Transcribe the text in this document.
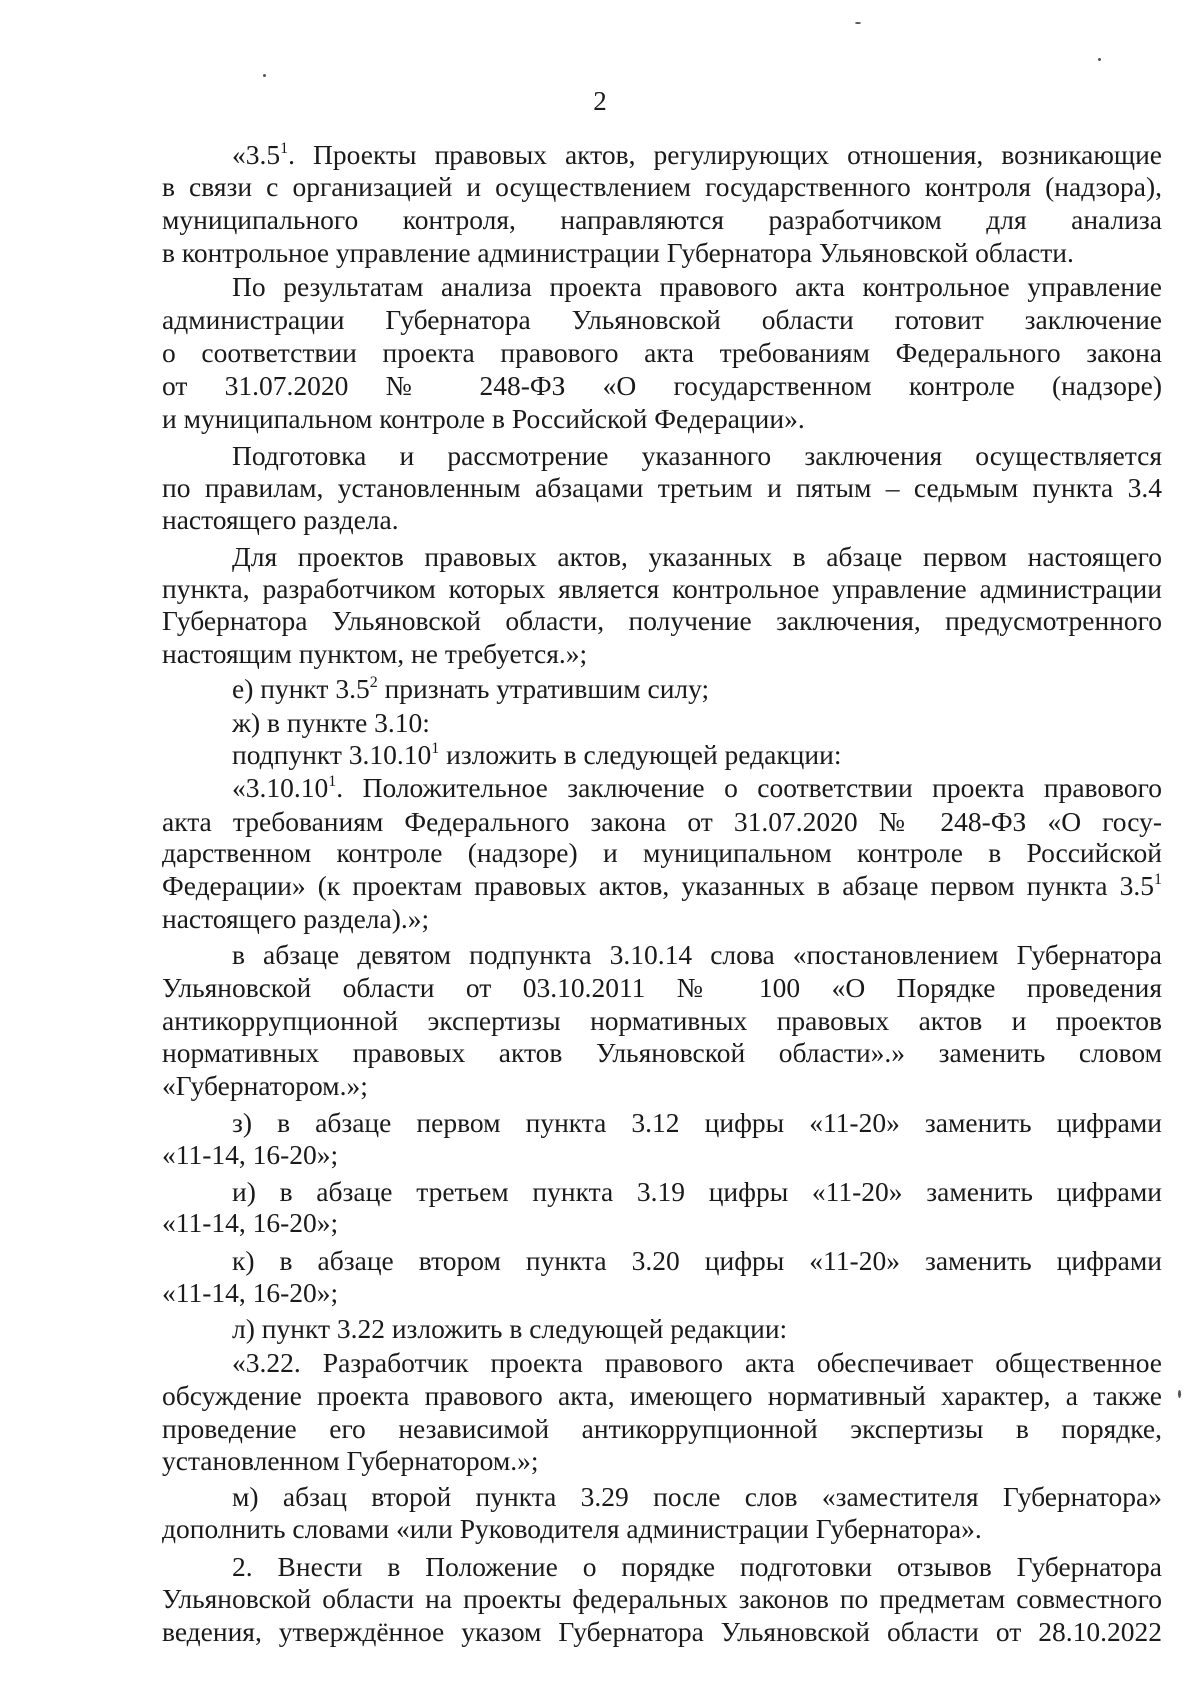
2
«$3.5^1$. Проекты правовых актов, регулирующих отношения, возникающие
в связи с организацией и осуществлением государственного контроля (надзора),
муниципального контроля, направляются разработчиком для анализа
в контрольное управление администрации Губернатора Ульяновской области.
По результатам анализа проекта правового акта контрольное управление
администрации Губернатора Ульяновской области готовит заключение
о соответствии проекта правового акта требованиям Федерального закона
от 31.07.2020 № 248-ФЗ «О государственном контроле (надзоре)
и муниципальном контроле в Российской Федерации».
Подготовка и рассмотрение указанного заключения осуществляется
по правилам, установленным абзацами третьим и пятым – седьмым пункта 3.4
настоящего раздела.
Для проектов правовых актов, указанных в абзаце первом настоящего
пункта, разработчиком которых является контрольное управление администрации
Губернатора Ульяновской области, получение заключения, предусмотренного
настоящим пунктом, не требуется.»;
е) пункт $3.5^2$ признать утратившим силу;
ж) в пункте 3.10:
подпункт 3.10.10$^1$ изложить в следующей редакции:
«3.10.10$^1$. Положительное заключение о соответствии проекта правового
акта требованиям Федерального закона от 31.07.2020 № 248-ФЗ «О госу-
дарственном контроле (надзоре) и муниципальном контроле в Российской
Федерации» (к проектам правовых актов, указанных в абзаце первом пункта $3.5^1$
настоящего раздела).»;
в абзаце девятом подпункта 3.10.14 слова «постановлением Губернатора
Ульяновской области от 03.10.2011 № 100 «О Порядке проведения
антикоррупционной экспертизы нормативных правовых актов и проектов
нормативных правовых актов Ульяновской области».» заменить словом
«Губернатором.»;
з) в абзаце первом пункта 3.12 цифры «11-20» заменить цифрами
«11-14, 16-20»;
и) в абзаце третьем пункта 3.19 цифры «11-20» заменить цифрами
«11-14, 16-20»;
к) в абзаце втором пункта 3.20 цифры «11-20» заменить цифрами
«11-14, 16-20»;
л) пункт 3.22 изложить в следующей редакции:
«3.22. Разработчик проекта правового акта обеспечивает общественное
обсуждение проекта правового акта, имеющего нормативный характер, а также
проведение его независимой антикоррупционной экспертизы в порядке,
установленном Губернатором.»;
м) абзац второй пункта 3.29 после слов «заместителя Губернатора»
дополнить словами «или Руководителя администрации Губернатора».
2. Внести в Положение о порядке подготовки отзывов Губернатора
Ульяновской области на проекты федеральных законов по предметам совместного
ведения, утверждённое указом Губернатора Ульяновской области от 28.10.2022
